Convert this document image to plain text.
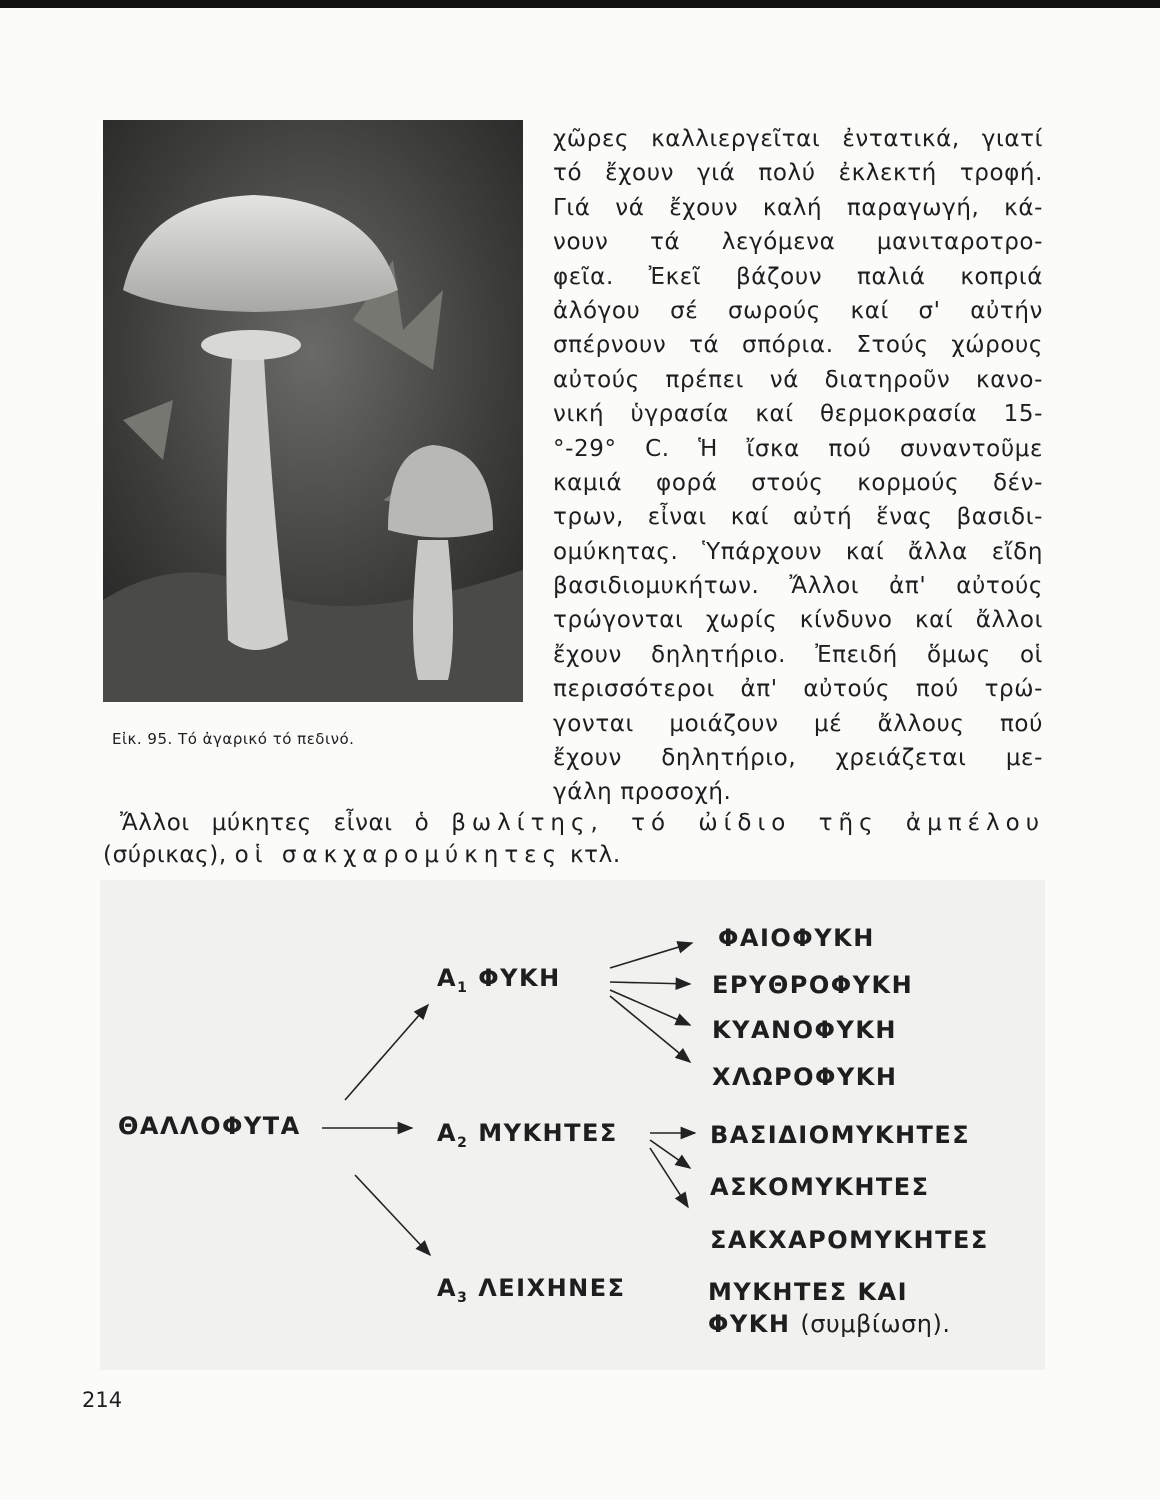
Εἰκ. 95. Τό ἀγαρικό τό πεδινό.
χῶρες καλλιεργεῖται ἐντατικά, γιατί
τό ἔχουν γιά πολύ ἐκλεκτή τροφή.
Γιά νά ἔχουν καλή παραγωγή, κά-
νουν τά λεγόμενα μανιταροτρο-
φεῖα. Ἐκεῖ βάζουν παλιά κοπριά
ἀλόγου σέ σωρούς καί σ' αὐτήν
σπέρνουν τά σπόρια. Στούς χώρους
αὐτούς πρέπει νά διατηροῦν κανο-
νική ὑγρασία καί θερμοκρασία 15-
°-29° C. Ἡ ἴσκα πού συναντοῦμε
καμιά φορά στούς κορμούς δέν-
τρων, εἶναι καί αὐτή ἕνας βασιδι-
ομύκητας. Ὑπάρχουν καί ἄλλα εἴδη
βασιδιομυκήτων. Ἄλλοι ἀπ' αὐτούς
τρώγονται χωρίς κίνδυνο καί ἄλλοι
ἔχουν δηλητήριο. Ἐπειδή ὅμως οἱ
περισσότεροι ἀπ' αὐτούς πού τρώ-
γονται μοιάζουν μέ ἄλλους πού
ἔχουν δηλητήριο, χρειάζεται με-
γάλη προσοχή.
Ἄλλοι μύκητες εἶναι ὁ βωλίτης, τό ὠίδιο τῆς ἀμπέλου
(σύρικας), οἱ σακχαρομύκητες κτλ.
ΘΑΛΛΟΦΥΤΑ
$A_1$ ΦΥΚΗ
$A_2$ ΜΥΚΗΤΕΣ
$A_3$ ΛΕΙΧΗΝΕΣ
ΦΑΙΟΦΥΚΗ
ΕΡΥΘΡΟΦΥΚΗ
ΚΥΑΝΟΦΥΚΗ
ΧΛΩΡΟΦΥΚΗ
ΒΑΣΙΔΙΟΜΥΚΗΤΕΣ
ΑΣΚΟΜΥΚΗΤΕΣ
ΣΑΚΧΑΡΟΜΥΚΗΤΕΣ
ΜΥΚΗΤΕΣ ΚΑΙ
ΦΥΚΗ (συμβίωση).
214
